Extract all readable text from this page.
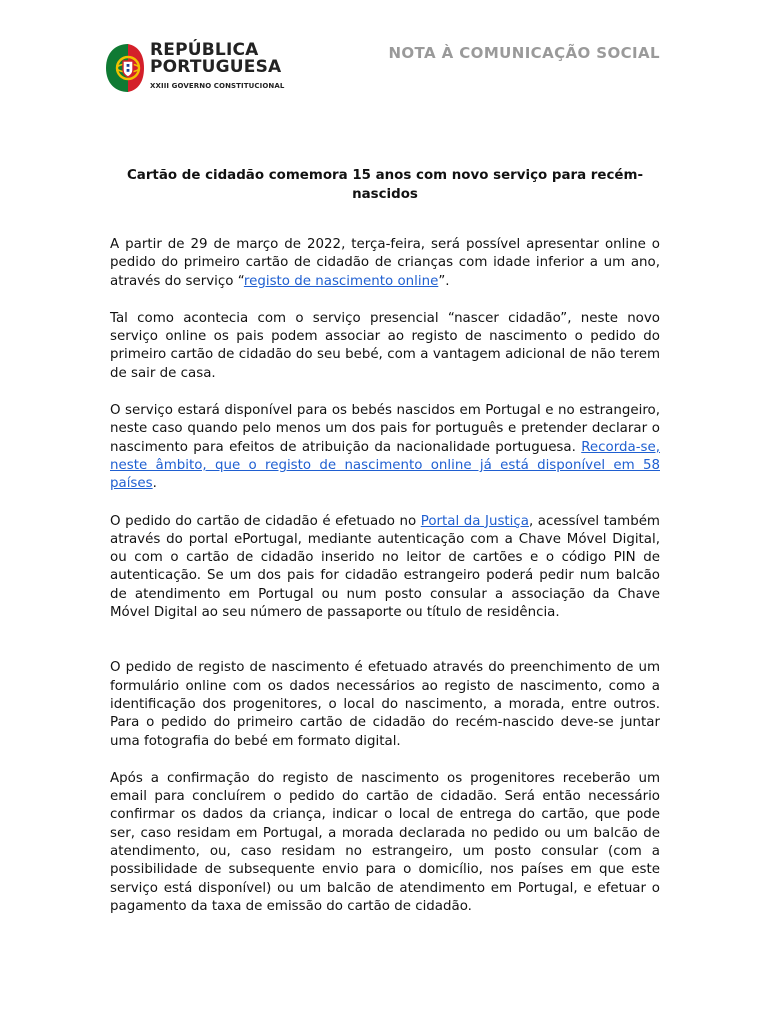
REPÚBLICA
PORTUGUESA
XXIII GOVERNO CONSTITUCIONAL
NOTA À COMUNICAÇÃO SOCIAL
Cartão de cidadão comemora 15 anos com novo serviço para recém-nascidos

A partir de 29 de março de 2022, terça-feira, será possível apresentar online o pedido do primeiro cartão de cidadão de crianças com idade inferior a um ano, através do serviço “registo de nascimento online”.

Tal como acontecia com o serviço presencial “nascer cidadão”, neste novo serviço online os pais podem associar ao registo de nascimento o pedido do primeiro cartão de cidadão do seu bebé, com a vantagem adicional de não terem de sair de casa.

O serviço estará disponível para os bebés nascidos em Portugal e no estrangeiro, neste caso quando pelo menos um dos pais for português e pretender declarar o nascimento para efeitos de atribuição da nacionalidade portuguesa. Recorda-se, neste âmbito, que o registo de nascimento online já está disponível em 58 países.

O pedido do cartão de cidadão é efetuado no Portal da Justiça, acessível também através do portal ePortugal, mediante autenticação com a Chave Móvel Digital, ou com o cartão de cidadão inserido no leitor de cartões e o código PIN de autenticação. Se um dos pais for cidadão estrangeiro poderá pedir num balcão de atendimento em Portugal ou num posto consular a associação da Chave Móvel Digital ao seu número de passaporte ou título de residência.

O pedido de registo de nascimento é efetuado através do preenchimento de um formulário online com os dados necessários ao registo de nascimento, como a identificação dos progenitores, o local do nascimento, a morada, entre outros. Para o pedido do primeiro cartão de cidadão do recém-nascido deve-se juntar uma fotografia do bebé em formato digital.

Após a confirmação do registo de nascimento os progenitores receberão um email para concluírem o pedido do cartão de cidadão. Será então necessário confirmar os dados da criança, indicar o local de entrega do cartão, que pode ser, caso residam em Portugal, a morada declarada no pedido ou um balcão de atendimento, ou, caso residam no estrangeiro, um posto consular (com a possibilidade de subsequente envio para o domicílio, nos países em que este serviço está disponível) ou um balcão de atendimento em Portugal, e efetuar o pagamento da taxa de emissão do cartão de cidadão.
